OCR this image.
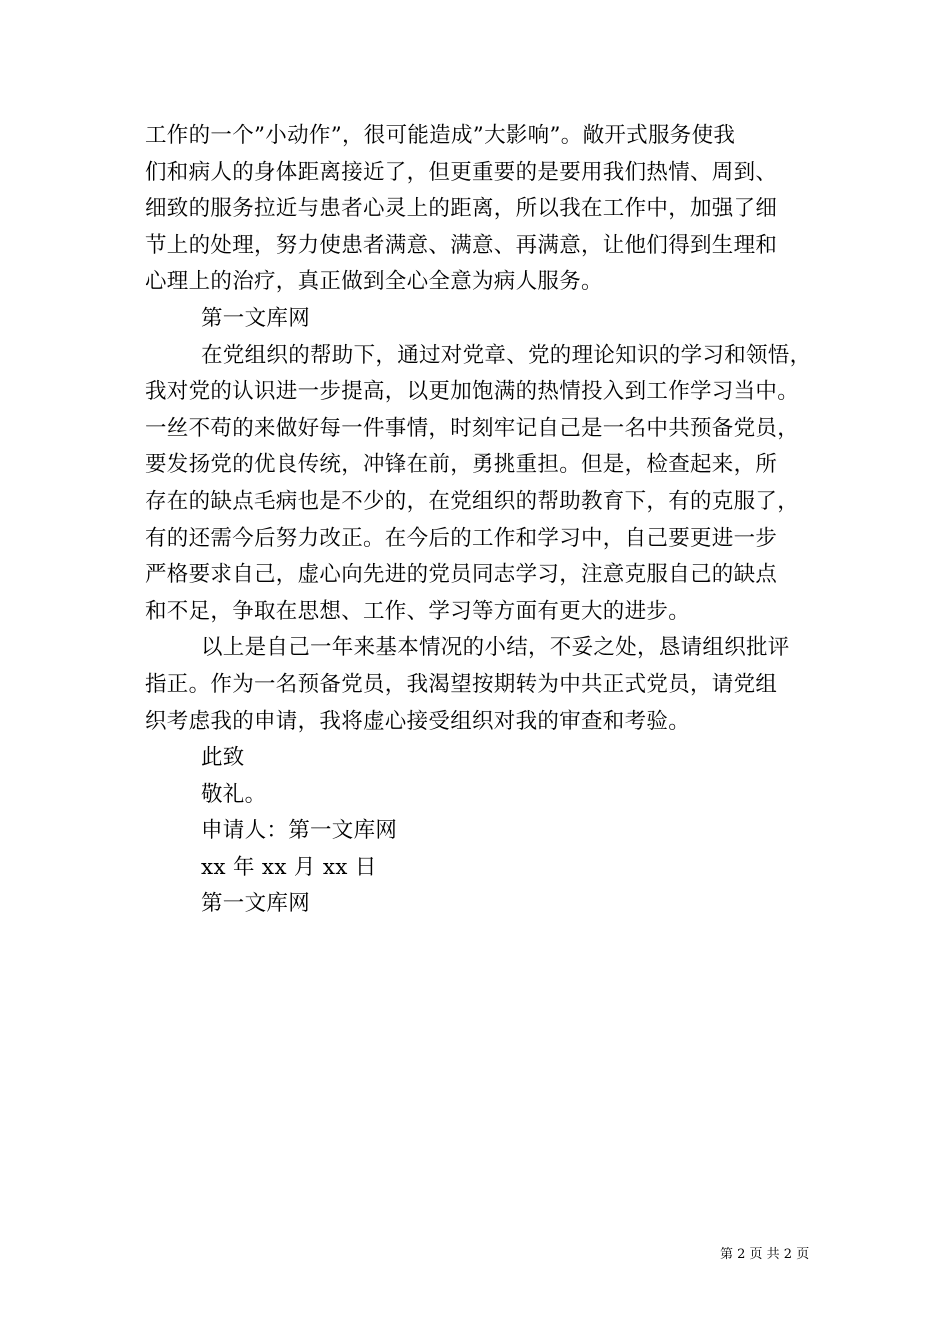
工作的一个”小动作”，很可能造成”大影响”。敞开式服务使我
们和病人的身体距离接近了，但更重要的是要用我们热情、周到、
细致的服务拉近与患者心灵上的距离，所以我在工作中，加强了细
节上的处理，努力使患者满意、满意、再满意，让他们得到生理和
心理上的治疗，真正做到全心全意为病人服务。
第一文库网
在党组织的帮助下，通过对党章、党的理论知识的学习和领悟，
我对党的认识进一步提高，以更加饱满的热情投入到工作学习当中。
一丝不苟的来做好每一件事情，时刻牢记自己是一名中共预备党员，
要发扬党的优良传统，冲锋在前，勇挑重担。但是，检查起来，所
存在的缺点毛病也是不少的，在党组织的帮助教育下，有的克服了，
有的还需今后努力改正。在今后的工作和学习中，自己要更进一步
严格要求自己，虚心向先进的党员同志学习，注意克服自己的缺点
和不足，争取在思想、工作、学习等方面有更大的进步。
以上是自己一年来基本情况的小结，不妥之处，恳请组织批评
指正。作为一名预备党员，我渴望按期转为中共正式党员，请党组
织考虑我的申请，我将虚心接受组织对我的审查和考验。
此致
敬礼。
申请人：第一文库网
xx 年 xx 月 xx 日
第一文库网
第 2 页 共 2 页
